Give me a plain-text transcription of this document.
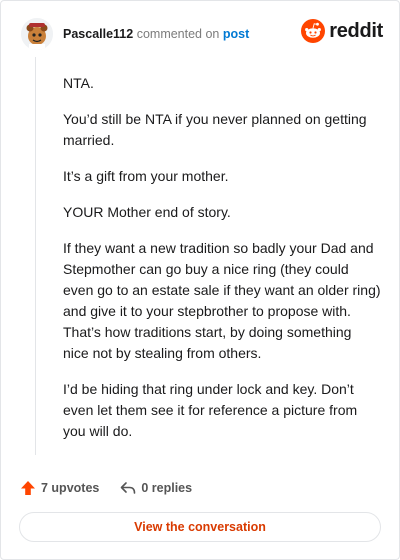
Pascalle112 commented on post	reddit

NTA.

You’d still be NTA if you never planned on getting married.

It’s a gift from your mother.

YOUR Mother end of story.

If they want a new tradition so badly your Dad and Stepmother can go buy a nice ring (they could even go to an estate sale if they want an older ring) and give it to your stepbrother to propose with. That’s how traditions start, by doing something nice not by stealing from others.

I’d be hiding that ring under lock and key. Don’t even let them see it for reference a picture from you will do.

7 upvotes	0 replies
View the conversation
